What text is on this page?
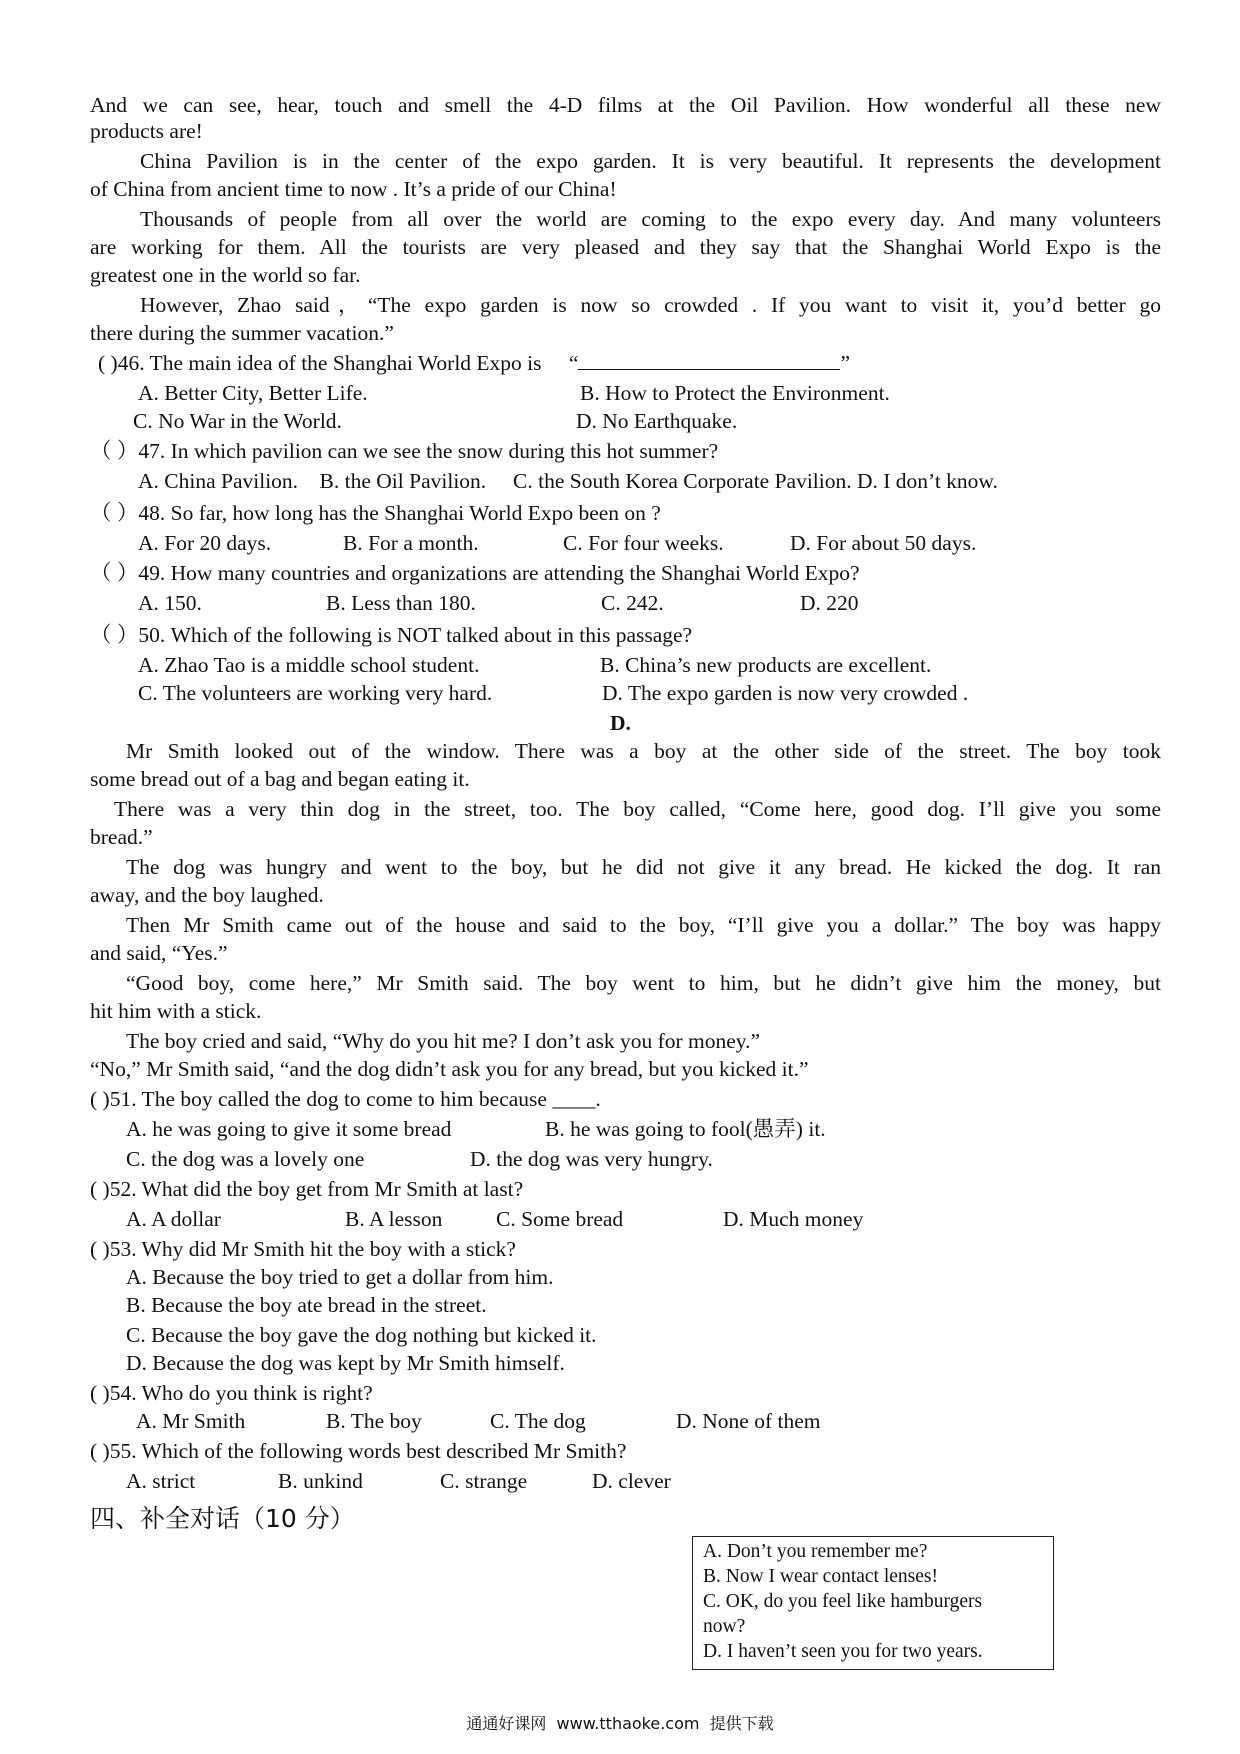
And we can see, hear, touch and smell the 4-D films at the Oil Pavilion. How wonderful all these new
products are!
China Pavilion is in the center of the expo garden. It is very beautiful. It represents the development
of China from ancient time to now . It’s a pride of our China!
Thousands of people from all over the world are coming to the expo every day. And many volunteers
are working for them. All the tourists are very pleased and they say that the Shanghai World Expo is the
greatest one in the world so far.
However, Zhao said，“The expo garden is now so crowded . If you want to visit it, you’d better go
there during the summer vacation.”
( )46. The main idea of the Shanghai World Expo is “	”
A. Better City, Better Life.	B. How to Protect the Environment.
C. No War in the World.	D. No Earthquake.
（ ）47. In which pavilion can we see the snow during this hot summer?
A. China Pavilion.    B. the Oil Pavilion.     C. the South Korea Corporate Pavilion. D. I don’t know.
（ ）48. So far, how long has the Shanghai World Expo been on ?
A. For 20 days.	B. For a month.	C. For four weeks.	D. For about 50 days.
（ ）49. How many countries and organizations are attending the Shanghai World Expo?
A. 150.	B. Less than 180.	C. 242.	D. 220
（ ）50. Which of the following is NOT talked about in this passage?
A. Zhao Tao is a middle school student.	B. China’s new products are excellent.
C. The volunteers are working very hard.	D. The expo garden is now very crowded .
D.
Mr Smith looked out of the window. There was a boy at the other side of the street. The boy took
some bread out of a bag and began eating it.
There was a very thin dog in the street, too. The boy called, “Come here, good dog. I’ll give you some
bread.”
The dog was hungry and went to the boy, but he did not give it any bread. He kicked the dog. It ran
away, and the boy laughed.
Then Mr Smith came out of the house and said to the boy, “I’ll give you a dollar.” The boy was happy
and said, “Yes.”
“Good boy, come here,” Mr Smith said. The boy went to him, but he didn’t give him the money, but
hit him with a stick.
The boy cried and said, “Why do you hit me? I don’t ask you for money.”
“No,” Mr Smith said, “and the dog didn’t ask you for any bread, but you kicked it.”
( )51. The boy called the dog to come to him because ____.
A. he was going to give it some bread	B. he was going to fool(愚弄) it.
C. the dog was a lovely one	D. the dog was very hungry.
( )52. What did the boy get from Mr Smith at last?
A. A dollar	B. A lesson C. Some bread	D. Much money
( )53. Why did Mr Smith hit the boy with a stick?
A. Because the boy tried to get a dollar from him.
B. Because the boy ate bread in the street.
C. Because the boy gave the dog nothing but kicked it.
D. Because the dog was kept by Mr Smith himself.
( )54. Who do you think is right?
A. Mr Smith	B. The boy	C. The dog	D. None of them
( )55. Which of the following words best described Mr Smith?
A. strict	B. unkind	C. strange	D. clever
四、补全对话（10 分）
A. Don’t you remember me?
B. Now I wear contact lenses!
C. OK, do you feel like hamburgers
now?
D. I haven’t seen you for two years.
通通好课网  www.tthaoke.com  提供下载
